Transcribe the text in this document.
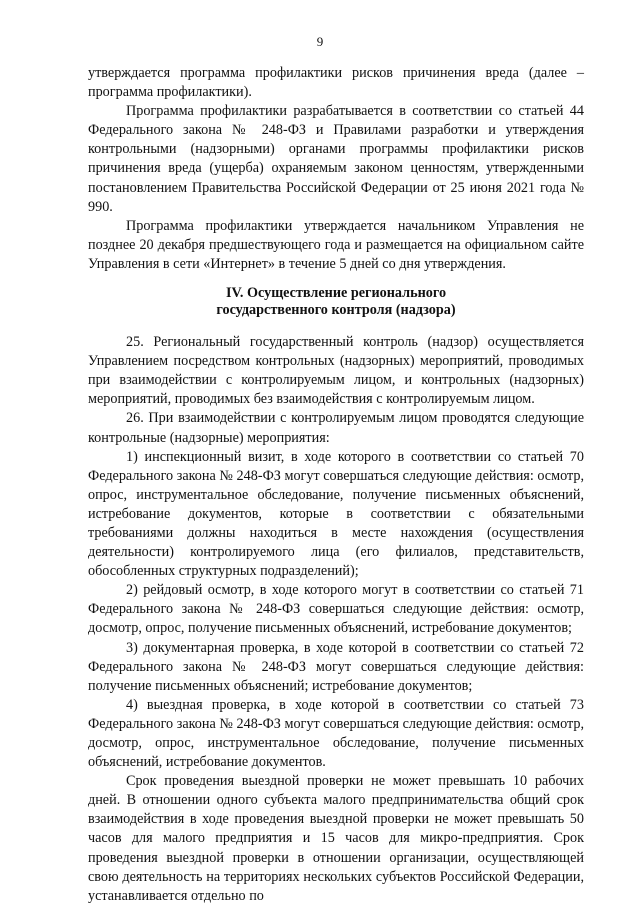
9

утверждается программа профилактики рисков причинения вреда (далее – программа профилактики).

Программа профилактики разрабатывается в соответствии со статьей 44 Федерального закона № 248-ФЗ и Правилами разработки и утверждения контрольными (надзорными) органами программы профилактики рисков причинения вреда (ущерба) охраняемым законом ценностям, утвержденными постановлением Правительства Российской Федерации от 25 июня 2021 года № 990.

Программа профилактики утверждается начальником Управления не позднее 20 декабря предшествующего года и размещается на официальном сайте Управления в сети «Интернет» в течение 5 дней со дня утверждения.

IV. Осуществление регионального
государственного контроля (надзора)

25. Региональный государственный контроль (надзор) осуществляется Управлением посредством контрольных (надзорных) мероприятий, проводимых при взаимодействии с контролируемым лицом, и контрольных (надзорных) мероприятий, проводимых без взаимодействия с контролируемым лицом.

26. При взаимодействии с контролируемым лицом проводятся следующие контрольные (надзорные) мероприятия:

1) инспекционный визит, в ходе которого в соответствии со статьей 70 Федерального закона № 248-ФЗ могут совершаться следующие действия: осмотр, опрос, инструментальное обследование, получение письменных объяснений, истребование документов, которые в соответствии с обязательными требованиями должны находиться в месте нахождения (осуществления деятельности) контролируемого лица (его филиалов, представительств, обособленных структурных подразделений);

2) рейдовый осмотр, в ходе которого могут в соответствии со статьей 71 Федерального закона № 248-ФЗ совершаться следующие действия: осмотр, досмотр, опрос, получение письменных объяснений, истребование документов;

3) документарная проверка, в ходе которой в соответствии со статьей 72 Федерального закона № 248-ФЗ могут совершаться следующие действия: получение письменных объяснений; истребование документов;

4) выездная проверка, в ходе которой в соответствии со статьей 73 Федерального закона № 248-ФЗ могут совершаться следующие действия: осмотр, досмотр, опрос, инструментальное обследование, получение письменных объяснений, истребование документов.

Срок проведения выездной проверки не может превышать 10 рабочих дней. В отношении одного субъекта малого предпринимательства общий срок взаимодействия в ходе проведения выездной проверки не может превышать 50 часов для малого предприятия и 15 часов для микро-предприятия. Срок проведения выездной проверки в отношении организации, осуществляющей свою деятельность на территориях нескольких субъектов Российской Федерации, устанавливается отдельно по
